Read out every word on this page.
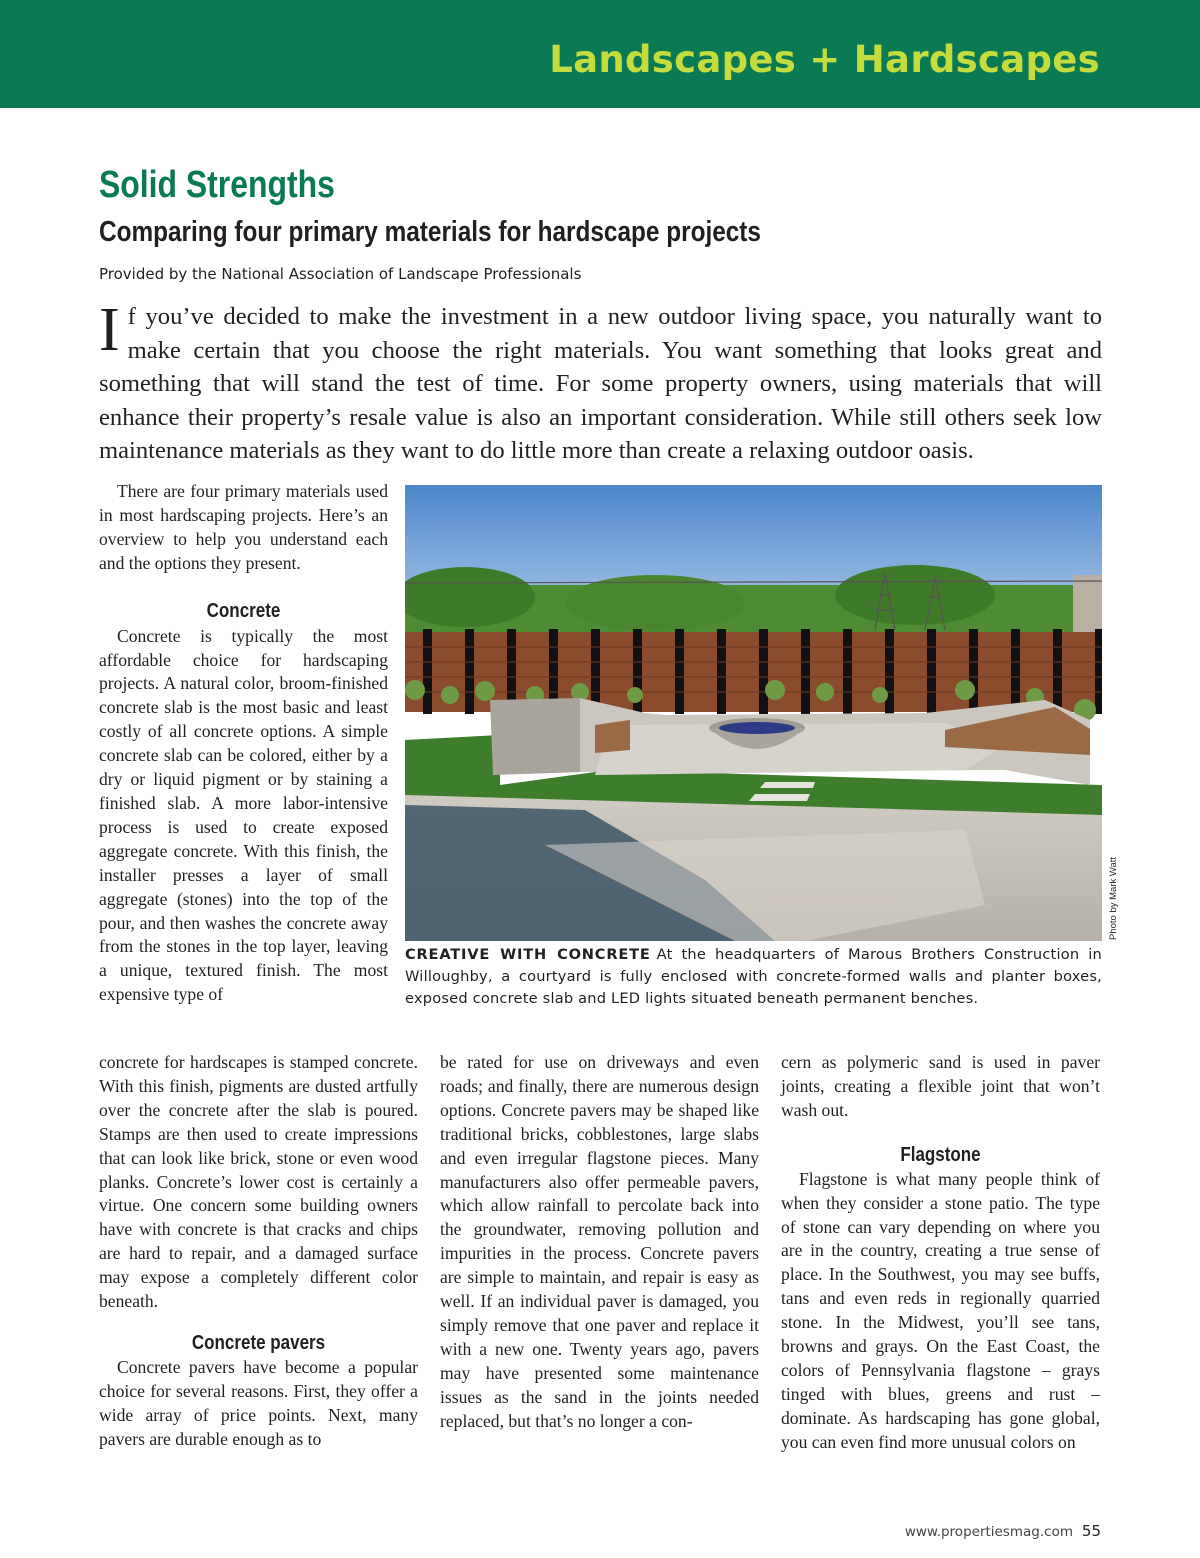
Landscapes + Hardscapes
Solid Strengths
Comparing four primary materials for hardscape projects
Provided by the National Association of Landscape Professionals

If you’ve decided to make the investment in a new outdoor living space, you naturally want to make certain that you choose the right materials. You want something that looks great and something that will stand the test of time. For some property owners, using materials that will enhance their property’s resale value is also an important consideration. While still others seek low maintenance materials as they want to do little more than create a relaxing outdoor oasis.

There are four primary materials used in most hardscaping projects. Here’s an overview to help you understand each and the options they present.

Concrete

Concrete is typically the most affordable choice for hardscaping projects. A natural color, broom-finished concrete slab is the most basic and least costly of all concrete options. A simple concrete slab can be colored, either by a dry or liquid pigment or by staining a finished slab. A more labor-intensive process is used to create exposed aggregate concrete. With this finish, the installer presses a layer of small aggregate (stones) into the top of the pour, and then washes the concrete away from the stones in the top layer, leaving a unique, textured finish. The most expensive type of

Photo by Mark Watt
CREATIVE WITH CONCRETE At the headquarters of Marous Brothers Construction in Willoughby, a courtyard is fully enclosed with concrete-formed walls and planter boxes, exposed concrete slab and LED lights situated beneath permanent benches.

concrete for hardscapes is stamped concrete. With this finish, pigments are dusted artfully over the concrete after the slab is poured. Stamps are then used to create impressions that can look like brick, stone or even wood planks. Concrete’s lower cost is certainly a virtue. One concern some building owners have with concrete is that cracks and chips are hard to repair, and a damaged surface may expose a completely different color beneath.

Concrete pavers

Concrete pavers have become a popular choice for several reasons. First, they offer a wide array of price points. Next, many pavers are durable enough as to

be rated for use on driveways and even roads; and finally, there are numerous design options. Concrete pavers may be shaped like traditional bricks, cobblestones, large slabs and even irregular flagstone pieces. Many manufacturers also offer permeable pavers, which allow rainfall to percolate back into the groundwater, removing pollution and impurities in the process. Concrete pavers are simple to maintain, and repair is easy as well. If an individual paver is damaged, you simply remove that one paver and replace it with a new one. Twenty years ago, pavers may have presented some maintenance issues as the sand in the joints needed replaced, but that’s no longer a con-

cern as polymeric sand is used in paver joints, creating a flexible joint that won’t wash out.

Flagstone

Flagstone is what many people think of when they consider a stone patio. The type of stone can vary depending on where you are in the country, creating a true sense of place. In the Southwest, you may see buffs, tans and even reds in regionally quarried stone. In the Midwest, you’ll see tans, browns and grays. On the East Coast, the colors of Pennsylvania flagstone – grays tinged with blues, greens and rust – dominate. As hardscaping has gone global, you can even find more unusual colors on

www.propertiesmag.com 55
